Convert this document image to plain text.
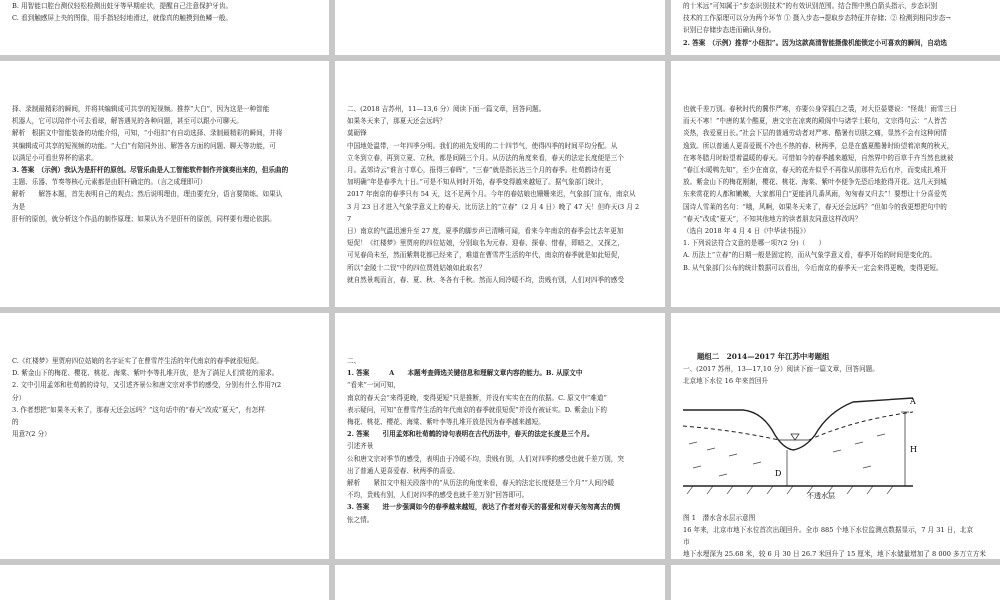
B. 用智能口腔台测仪轻松检测出蛀牙等早期症状，提醒自己注意保护牙齿。

C. 看到触感屏上央的图像，用手指轻轻地滑过，就像真的触摸到鱼鳞一般。

的十米远”可知属于“步态识别技术”的有效识别范围。结合图中黑白箭头指示，步态识别

技术的工作原理可以分为两个环节 ① 摄入步态→提取步态特征并存储；② 检测到相同步态→

识别已存储步态进而确认身份。

2. 答案　（示例）推荐“小纽扣”。因为这款高清智能摄像机能锁定小可喜欢的瞬间，自动选

择、录制最精彩的瞬间，并将其编辑成可共享的短视频。推荐“大白”，因为这是一种智能

机器人，它可以陪伴小可去看球，解答遇见的各种问题，甚至可以跟小可聊天。

解析　根据文中智能装备的功能介绍，可知，“小纽扣”有自动选择、录制最精彩的瞬间，并将

其编辑成可共享的短视频的功能。“大白”有陪同外出、解答各方面的问题、聊天等功能，可

以满足小可看世界杯的需求。

3. 答案　（示例）我认为是肝杆的原创。尽管乐曲是人工智能软件制作并演奏出来的，但乐曲的

主题、乐器、节奏等核心元素都是由肝杆确定的。（言之成理即可）

解析　　解答本题，首先表明自己的观点；然后说明理由，理由要充分，语言要简练。如果认

为是

肝杆的原创，就分析这个作品的制作原理；如果认为不是肝杆的原创，同样要有理论依据。

二、(2018 吉苏州，11—13,6 分）阅读下面一篇文章，回答问题。

如果冬天来了，那夏天还会远吗？

莫砺锋

中国地处温带，一年四季分明。我们的祖先发明的二十四节气，使得四季的时间平均分配。从

立冬到立春，再到立夏、立秋，都是间隔三个月。从历法的角度来看，春天的法定长度便是三个

月。孟郊诗云“谁言寸草心，报得三春晖”，“三春”就是指长达三个月的春季。杜荀鹤诗有更

加明确“年是春季九十日。”可是不知从何时开始，春季变得越来越短了。据气象部门统计，

2017 年南京的春季只有 54 天，这不足两个月。今年的春姑娘也姗姗来迟，气象部门宣布，南京从

3 月 23 日才进入气象学意义上的春天，比历法上的“立春”（2 月 4 日）晚了 47 天！但昨天(3 月 2

7

日）南京的气温迅速升至 27 度，夏季的脚步声已清晰可闻，看来今年南京的春季会比去年更加

短促！《红楼梦》里贾府的四位姑娘，分别取名为元春、迎春、探春、惜春，即暗之，又探之，

可见春尚未至，然而紫荆花都已经来了，难道在曹雪芹生活的年代，南京的春季就是如此短促，

所以“金陵十二钗”中的四位贾姓姑娘如此取名？

就自然景观而言，春、夏、秋、冬各有千秋。然而人间冷暖不均，贵贱有别，人们对四季的感受

也就千差万别。春秋时代的冀作严寒，亦要公身穿狐白之裘，对大臣晏婴说：“怪哉！雨雪三日

而天不寒！”中唐的某个酷夏，唐文宗在凉爽的殿阁中与诸学士联句，文宗得句云：“人皆苦

炎热，我爱夏日长。”社会下层的普通劳动者对严寒、酷暑有切肤之痛，显然不会有这种闲情

逸致。所以普通人更喜爱既不冷也不热的春、秋两季，总是在盛夏酷暑时盼望着凉爽的秋天，

在寒冬腊月时盼望着温暖的春天。可惜如今的春季越来越短，自然界中的百草千卉当然也就被

“春江水暖鸭先知”，至少在南京，春天的花卉似乎不再像从前那样先后有序，而变成扎堆开

放。紫金山下的梅花刚谢，樱花、桃花、海棠、紫叶李便争先恐后地抢得开花。这几天到城

东来赏花的人都和嫩嫩，大家都用白“更能消几番风雨，匆匆春又归去”！要想让十分喜爱英

国诗人雪莱的名句：“哦，风啊，如果冬天来了，春天还会远吗？”但如今的我更想把句中的

“春天”改成“夏天”，不知其他地方的读者朋友同意这样改吗？

（选自 2018 年 4 月 4 日《中华读书报》）

1. 下列说法符合文意的是哪一项?(2 分)（　　）

A. 历法上“立春”的日期一般是固定的，而从气象学意义看，春季开始的时间是变化的。

B. 从气象部门公布的统计数据可以看出，今后南京的春季天一定会来得更晚，变得更短。

C.《红楼梦》里贾府四位姑娘的名字证实了在曹雪芹生活的年代南京的春季就很短促。

D. 紫金山下的梅花、樱花、桃花、海棠、紫叶李等扎堆开放，是为了满足人们赏花的需求。

2. 文中引用孟郊和杜荀鹤的诗句，又引述齐景公和唐文宗对季节的感受，分别有什么作用?(2

分）

3. 作者想把“如果冬天来了，那春天还会远吗？”这句话中的“春天”改成“夏天”，有怎样

的

用意?(2 分）

二、

1. 答案　　　A　　本题考查筛选关键信息和理解文章内容的能力。B. 从原文中

“看来”一词可知，

南京的春天会“来得更晚，变得更短”只是推断，并没有实实在在的依据。C. 原文中“难道”

表示疑问，可知“在曹雪芹生活的年代南京的春季就很短促”并没有被证实。D. 紫金山下的

梅花、桃花、樱花、海棠、紫叶李等扎堆开放是因为春季越来越短。

2. 答案　　引用孟郊和杜荀鹤的诗句表明在古代历法中，春天的法定长度是三个月。

引述齐景

公和唐文宗对季节的感受，表明由于冷暖不均，贵贱有别，人们对四季的感受也就千差万别，突

出了普通人更喜爱春、秋两季的喜爱。

解析　　紧扣文中相关段落中的“从历法的角度来看，春天的法定长度便是三个月”“人间冷暖

不均，贵贱有别，人们对四季的感受也就千差万别”回答即可。

3. 答案　　进一步强调如今的春季越来越短，表达了作者对春天的喜爱和对春天匆匆离去的惆

怅之情。

题组二　2014—2017 年江苏中考题组

一、(2017 苏州，13—17,10 分）阅读下面一篇文章，回答问题。

北京地下水位 16 年来首回升

D
不透水层
H
A

图 1　潜水含水层示意图

16 年来，北京市地下水位首次出现回升。全市 885 个地下水位监测点数据显示，7 月 31 日，北京

市

地下水埋深为 25.68 米，较 6 月 30 日 26.7 米回升了 15 厘米，地下水储量增加了 8 000 多万立方米
